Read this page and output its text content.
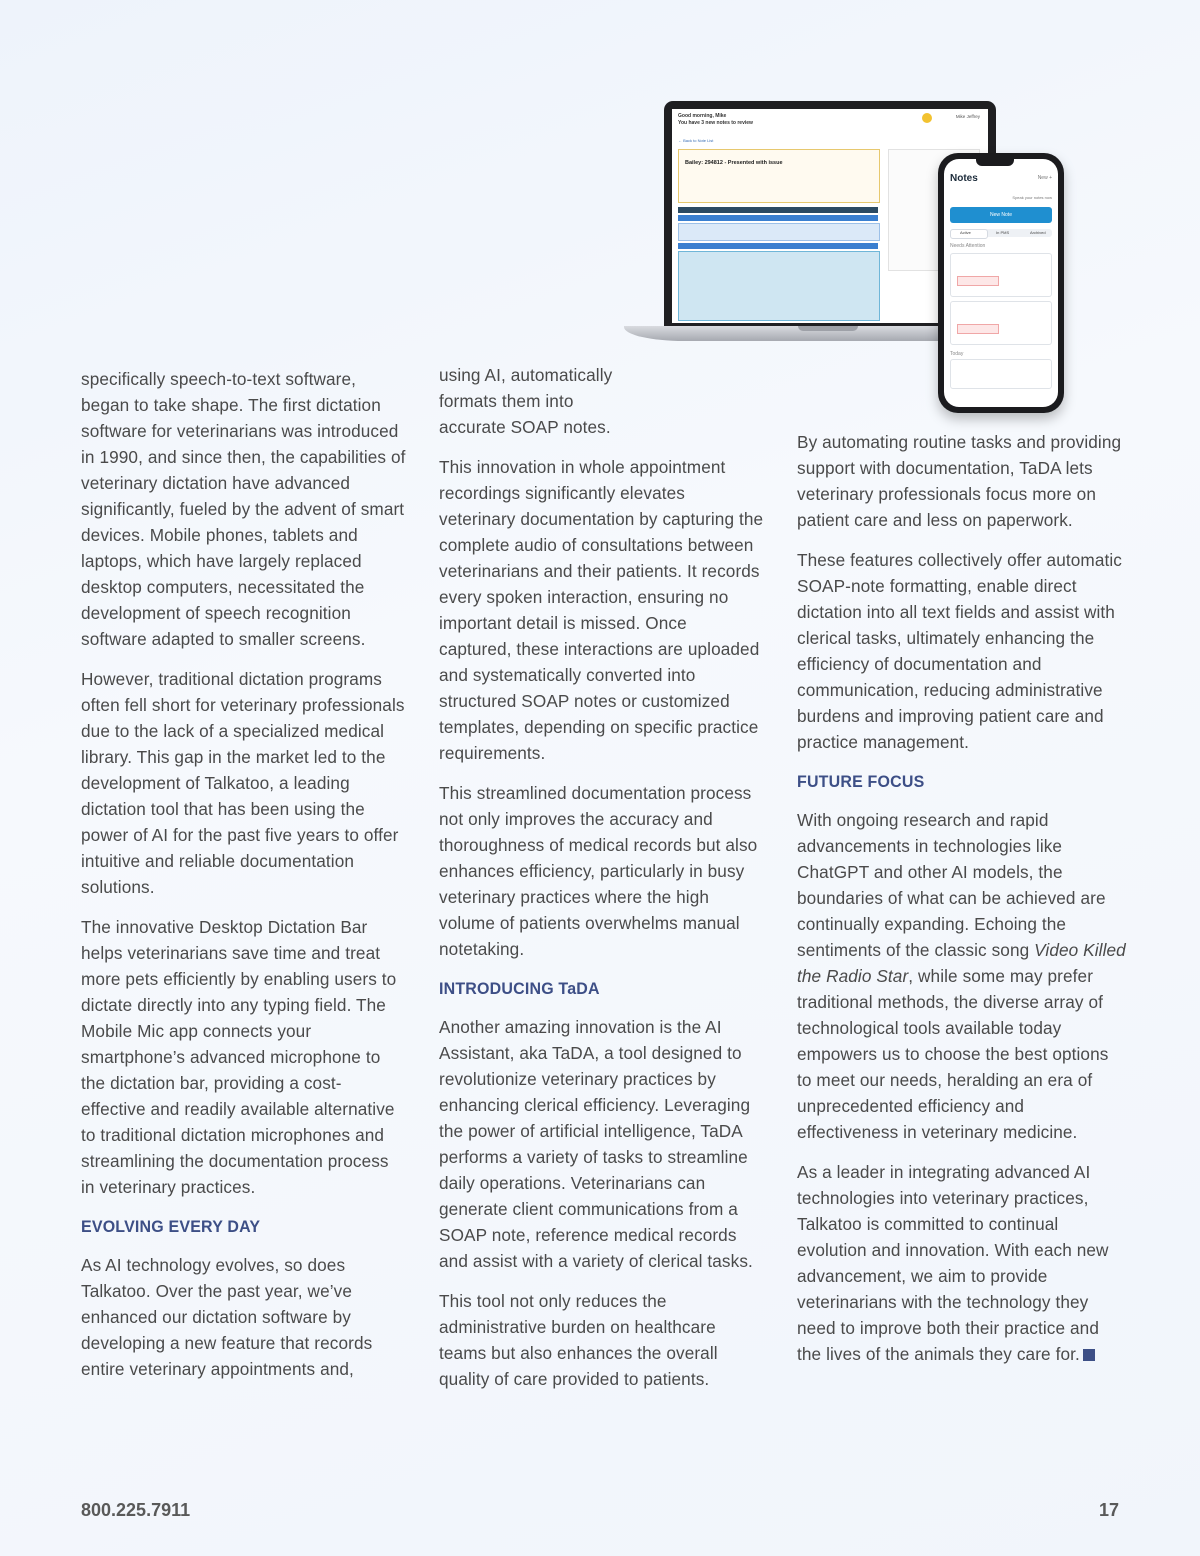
Good morning, Mike
You have 3 new notes to review
Mike Jeffrey
← Back to Note List
Bailey: 294812 - Presented with issue
Notes	New +
Speak your notes now
New Note
Active	In PMS	Archived
Needs Attention
Today

specifically speech-to-text software, began to take shape. The first dictation software for veterinarians was introduced in 1990, and since then, the capabilities of veterinary dictation have advanced significantly, fueled by the advent of smart devices. Mobile phones, tablets and laptops, which have largely replaced desktop computers, necessitated the development of speech recognition software adapted to smaller screens.

However, traditional dictation programs often fell short for veterinary professionals due to the lack of a specialized medical library. This gap in the market led to the development of Talkatoo, a leading dictation tool that has been using the power of AI for the past five years to offer intuitive and reliable documentation solutions.

The innovative Desktop Dictation Bar helps veterinarians save time and treat more pets efficiently by enabling users to dictate directly into any typing field. The Mobile Mic app connects your smartphone’s advanced microphone to the dictation bar, providing a cost-effective and readily available alternative to traditional dictation microphones and streamlining the documentation process in veterinary practices.

EVOLVING EVERY DAY

As AI technology evolves, so does Talkatoo. Over the past year, we’ve enhanced our dictation software by developing a new feature that records entire veterinary appointments and,

using AI, automatically formats them into accurate SOAP notes.

This innovation in whole appointment recordings significantly elevates veterinary documentation by capturing the complete audio of consultations between veterinarians and their patients. It records every spoken interaction, ensuring no important detail is missed. Once captured, these interactions are uploaded and systematically converted into structured SOAP notes or customized templates, depending on specific practice requirements.

This streamlined documentation process not only improves the accuracy and thoroughness of medical records but also enhances efficiency, particularly in busy veterinary practices where the high volume of patients overwhelms manual notetaking.

INTRODUCING TaDA

Another amazing innovation is the AI Assistant, aka TaDA, a tool designed to revolutionize veterinary practices by enhancing clerical efficiency. Leveraging the power of artificial intelligence, TaDA performs a variety of tasks to streamline daily operations. Veterinarians can generate client communications from a SOAP note, reference medical records and assist with a variety of clerical tasks.

This tool not only reduces the administrative burden on healthcare teams but also enhances the overall quality of care provided to patients.

By automating routine tasks and providing support with documentation, TaDA lets veterinary professionals focus more on patient care and less on paperwork.

These features collectively offer automatic SOAP-note formatting, enable direct dictation into all text fields and assist with clerical tasks, ultimately enhancing the efficiency of documentation and communication, reducing administrative burdens and improving patient care and practice management.

FUTURE FOCUS

With ongoing research and rapid advancements in technologies like ChatGPT and other AI models, the boundaries of what can be achieved are continually expanding. Echoing the sentiments of the classic song Video Killed the Radio Star, while some may prefer traditional methods, the diverse array of technological tools available today empowers us to choose the best options to meet our needs, heralding an era of unprecedented efficiency and effectiveness in veterinary medicine.

As a leader in integrating advanced AI technologies into veterinary practices, Talkatoo is committed to continual evolution and innovation. With each new advancement, we aim to provide veterinarians with the technology they need to improve both their practice and the lives of the animals they care for.

800.225.7911	17
